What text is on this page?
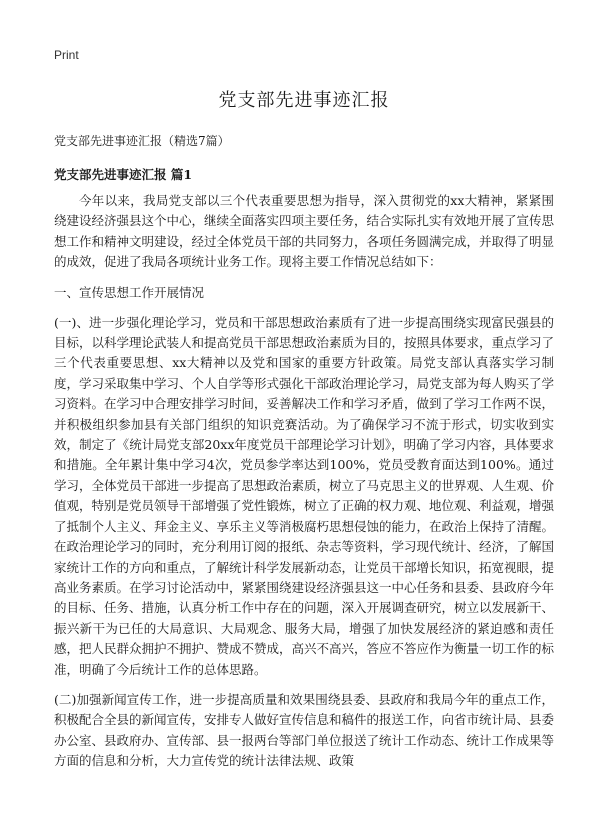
Print
党支部先进事迹汇报

党支部先进事迹汇报（精选7篇）

党支部先进事迹汇报 篇1

今年以来，我局党支部以三个代表重要思想为指导，深入贯彻党的xx大精神，紧紧围绕建设经济强县这个中心，继续全面落实四项主要任务，结合实际扎实有效地开展了宣传思想工作和精神文明建设，经过全体党员干部的共同努力，各项任务圆满完成，并取得了明显的成效，促进了我局各项统计业务工作。现将主要工作情况总结如下：

一、宣传思想工作开展情况

(一)、进一步强化理论学习，党员和干部思想政治素质有了进一步提高围绕实现富民强县的目标，以科学理论武装人和提高党员干部思想政治素质为目的，按照具体要求，重点学习了三个代表重要思想、xx大精神以及党和国家的重要方针政策。局党支部认真落实学习制度，学习采取集中学习、个人自学等形式强化干部政治理论学习，局党支部为每人购买了学习资料。在学习中合理安排学习时间，妥善解决工作和学习矛盾，做到了学习工作两不误，并积极组织参加县有关部门组织的知识竞赛活动。为了确保学习不流于形式，切实收到实效，制定了《统计局党支部20xx年度党员干部理论学习计划》，明确了学习内容，具体要求和措施。全年累计集中学习4次，党员参学率达到100%，党员受教育面达到100%。通过学习，全体党员干部进一步提高了思想政治素质，树立了马克思主义的世界观、人生观、价值观，特别是党员领导干部增强了党性锻炼，树立了正确的权力观、地位观、利益观，增强了抵制个人主义、拜金主义、享乐主义等消极腐朽思想侵蚀的能力，在政治上保持了清醒。在政治理论学习的同时，充分利用订阅的报纸、杂志等资料，学习现代统计、经济，了解国家统计工作的方向和重点，了解统计科学发展新动态，让党员干部增长知识，拓宽视眼，提高业务素质。在学习讨论活动中，紧紧围绕建设经济强县这一中心任务和县委、县政府今年的目标、任务、措施，认真分析工作中存在的问题，深入开展调查研究，树立以发展新干、振兴新干为已任的大局意识、大局观念、服务大局，增强了加快发展经济的紧迫感和责任感，把人民群众拥护不拥护、赞成不赞成，高兴不高兴，答应不答应作为衡量一切工作的标准，明确了今后统计工作的总体思路。

(二)加强新闻宣传工作，进一步提高质量和效果围绕县委、县政府和我局今年的重点工作，积极配合全县的新闻宣传，安排专人做好宣传信息和稿件的报送工作，向省市统计局、县委办公室、县政府办、宣传部、县一报两台等部门单位报送了统计工作动态、统计工作成果等方面的信息和分析，大力宣传党的统计法律法规、政策
